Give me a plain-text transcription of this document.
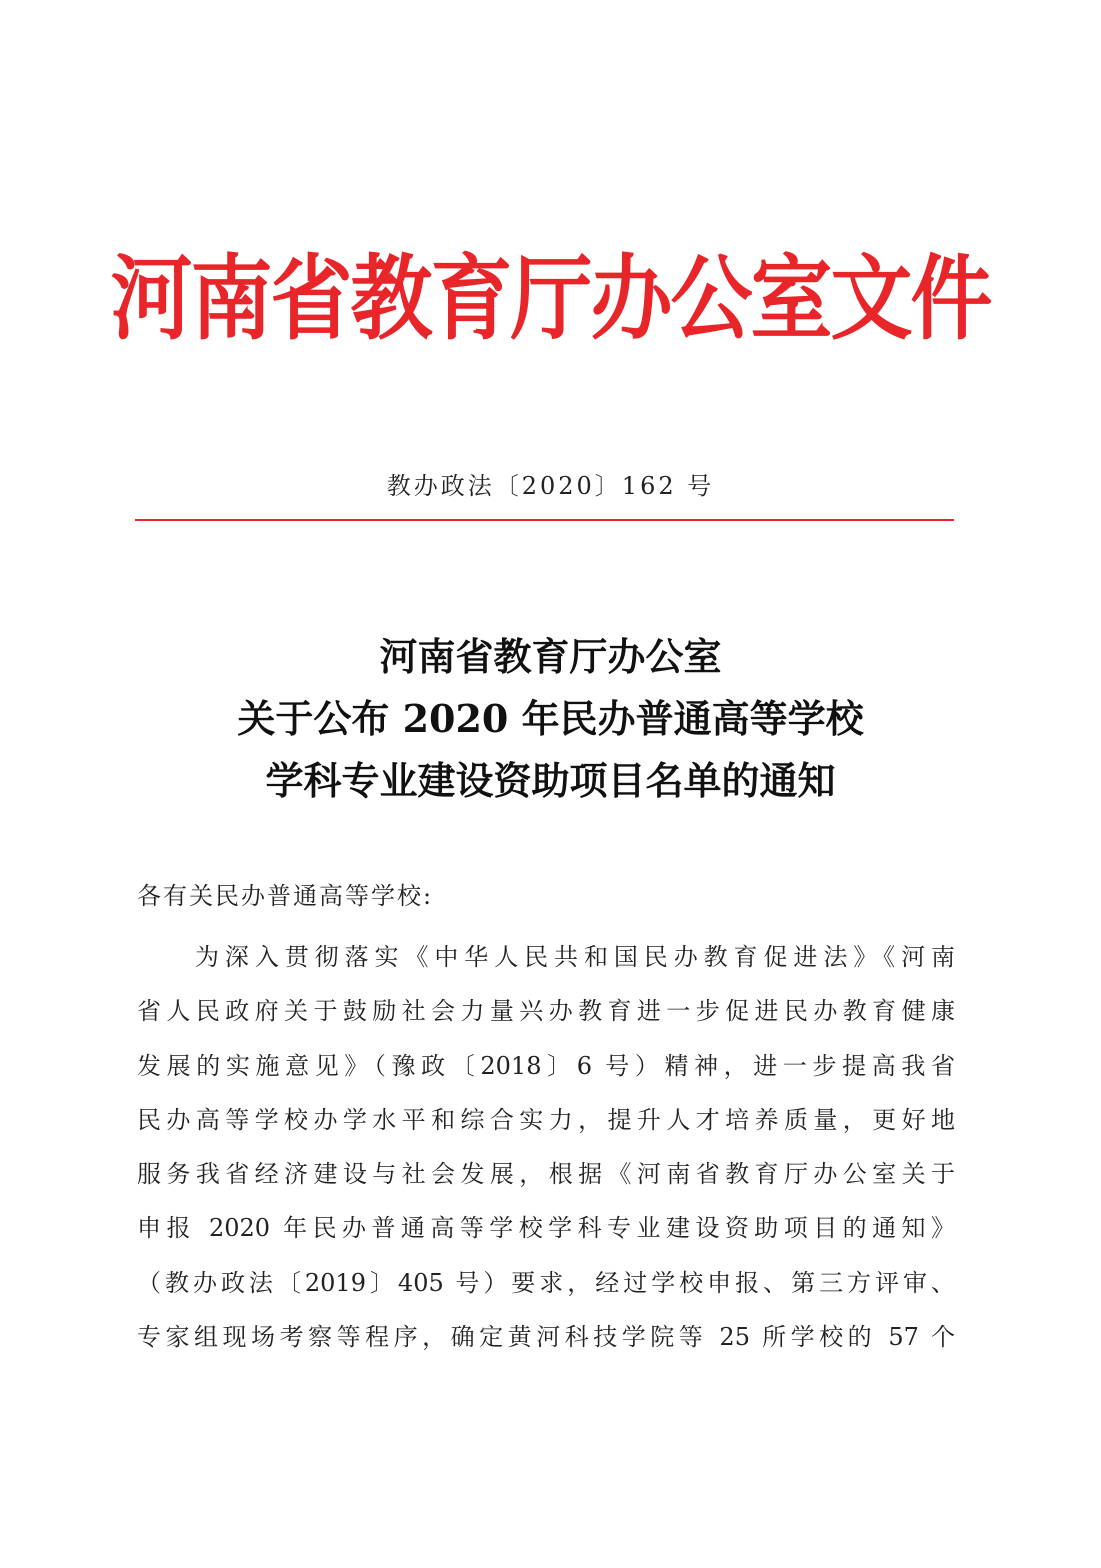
河南省教育厅办公室文件
教办政法〔2020〕162 号
河南省教育厅办公室
关于公布 2020 年民办普通高等学校
学科专业建设资助项目名单的通知
各有关民办普通高等学校:
为深入贯彻落实《中华人民共和国民办教育促进法》《河南
省人民政府关于鼓励社会力量兴办教育进一步促进民办教育健康
发展的实施意见》（豫政〔2018〕6 号）精神，进一步提高我省
民办高等学校办学水平和综合实力，提升人才培养质量，更好地
服务我省经济建设与社会发展，根据《河南省教育厅办公室关于
申报 2020 年民办普通高等学校学科专业建设资助项目的通知》
（教办政法〔2019〕405 号）要求，经过学校申报、第三方评审、
专家组现场考察等程序，确定黄河科技学院等 25 所学校的 57 个
